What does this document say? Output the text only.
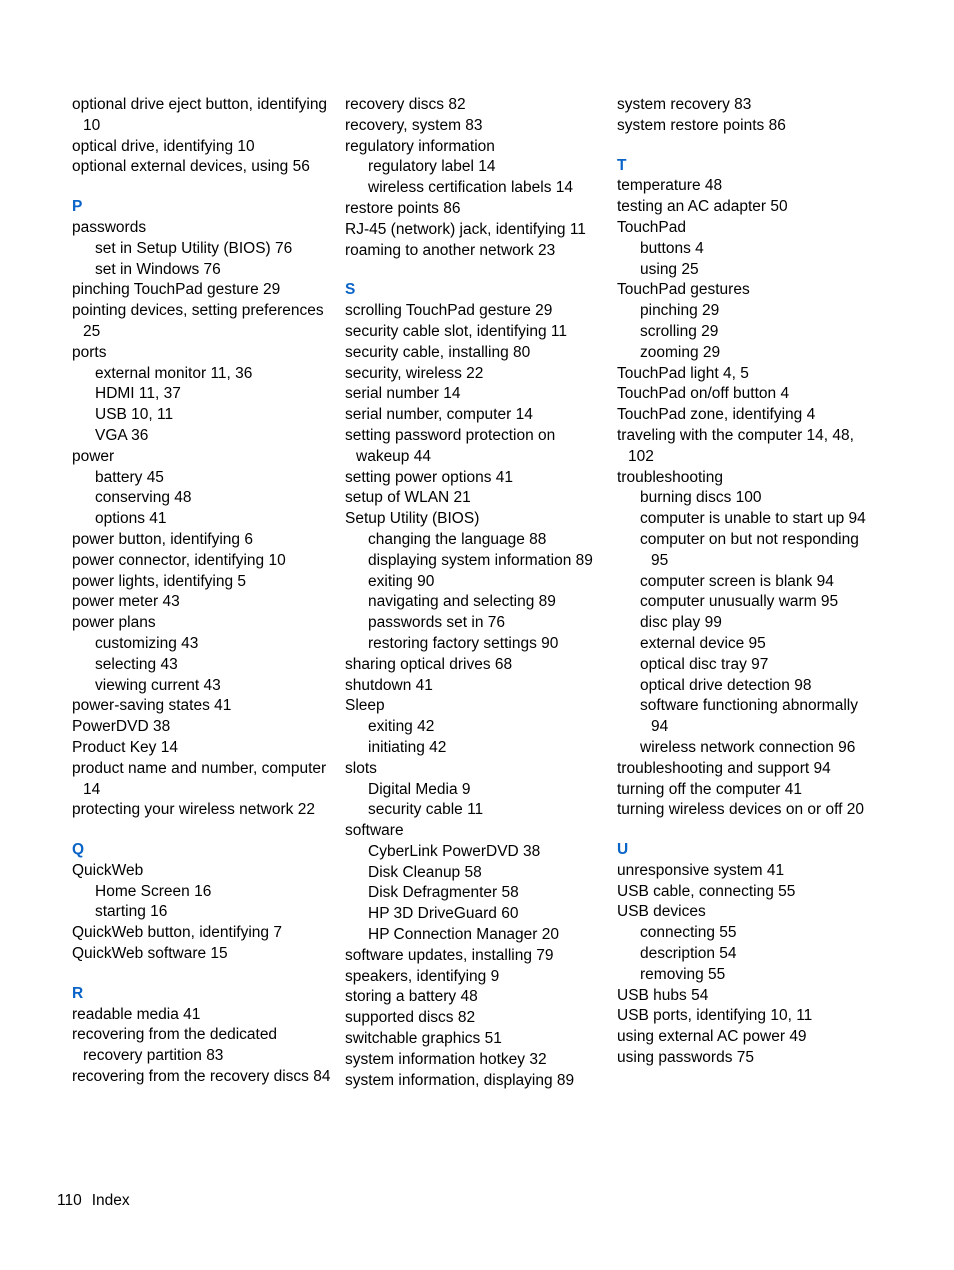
optional drive eject button, identifying 10
optical drive, identifying 10
optional external devices, using 56
P
passwords
set in Setup Utility (BIOS) 76
set in Windows 76
pinching TouchPad gesture 29
pointing devices, setting preferences 25
ports
external monitor 11, 36
HDMI 11, 37
USB 10, 11
VGA 36
power
battery 45
conserving 48
options 41
power button, identifying 6
power connector, identifying 10
power lights, identifying 5
power meter 43
power plans
customizing 43
selecting 43
viewing current 43
power-saving states 41
PowerDVD 38
Product Key 14
product name and number, computer 14
protecting your wireless network 22
Q
QuickWeb
Home Screen 16
starting 16
QuickWeb button, identifying 7
QuickWeb software 15
R
readable media 41
recovering from the dedicated recovery partition 83
recovering from the recovery discs 84
recovery discs 82
recovery, system 83
regulatory information
regulatory label 14
wireless certification labels 14
restore points 86
RJ-45 (network) jack, identifying 11
roaming to another network 23
S
scrolling TouchPad gesture 29
security cable slot, identifying 11
security cable, installing 80
security, wireless 22
serial number 14
serial number, computer 14
setting password protection on wakeup 44
setting power options 41
setup of WLAN 21
Setup Utility (BIOS)
changing the language 88
displaying system information 89
exiting 90
navigating and selecting 89
passwords set in 76
restoring factory settings 90
sharing optical drives 68
shutdown 41
Sleep
exiting 42
initiating 42
slots
Digital Media 9
security cable 11
software
CyberLink PowerDVD 38
Disk Cleanup 58
Disk Defragmenter 58
HP 3D DriveGuard 60
HP Connection Manager 20
software updates, installing 79
speakers, identifying 9
storing a battery 48
supported discs 82
switchable graphics 51
system information hotkey 32
system information, displaying 89
system recovery 83
system restore points 86
T
temperature 48
testing an AC adapter 50
TouchPad
buttons 4
using 25
TouchPad gestures
pinching 29
scrolling 29
zooming 29
TouchPad light 4, 5
TouchPad on/off button 4
TouchPad zone, identifying 4
traveling with the computer 14, 48, 102
troubleshooting
burning discs 100
computer is unable to start up 94
computer on but not responding 95
computer screen is blank 94
computer unusually warm 95
disc play 99
external device 95
optical disc tray 97
optical drive detection 98
software functioning abnormally 94
wireless network connection 96
troubleshooting and support 94
turning off the computer 41
turning wireless devices on or off 20
U
unresponsive system 41
USB cable, connecting 55
USB devices
connecting 55
description 54
removing 55
USB hubs 54
USB ports, identifying 10, 11
using external AC power 49
using passwords 75
110 Index
